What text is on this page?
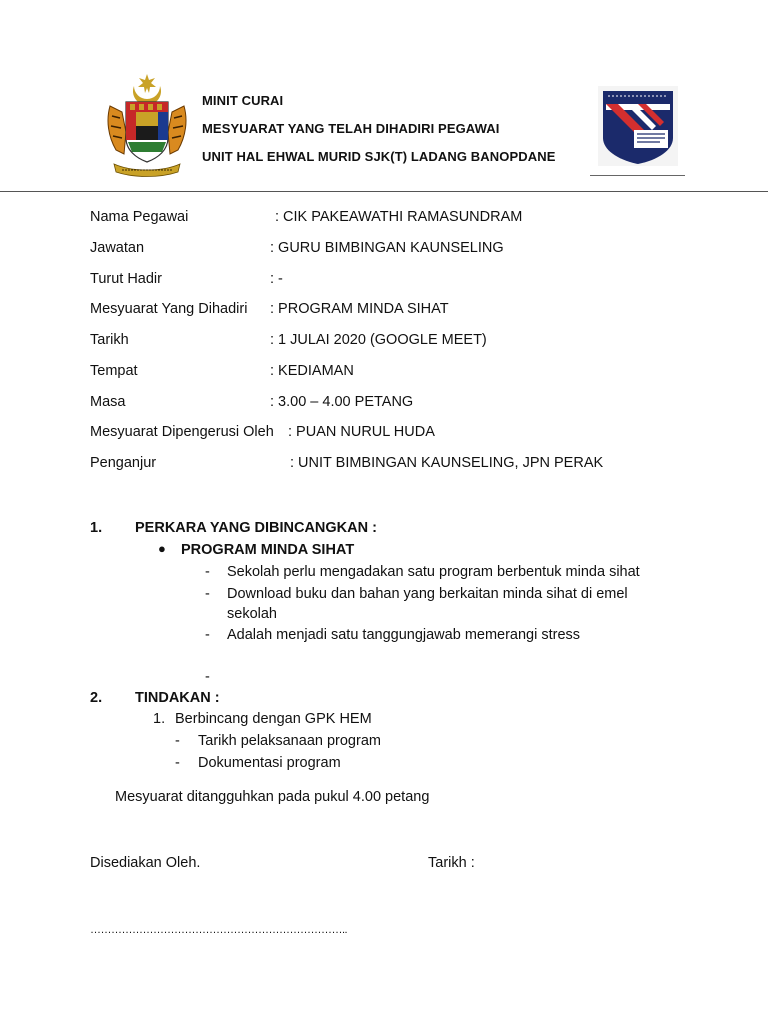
MINIT CURAI
MESYUARAT YANG TELAH DIHADIRI PEGAWAI
UNIT HAL EHWAL MURID SJK(T) LADANG BANOPDANE
Nama Pegawai	: CIK PAKEAWATHI RAMASUNDRAM
Jawatan	: GURU BIMBINGAN KAUNSELING
Turut Hadir	: -
Mesyuarat Yang Dihadiri : PROGRAM MINDA SIHAT
Tarikh	: 1 JULAI 2020 (GOOGLE MEET)
Tempat	: KEDIAMAN
Masa	: 3.00 – 4.00 PETANG
Mesyuarat Dipengerusi Oleh : PUAN NURUL HUDA
Penganjur	: UNIT BIMBINGAN KAUNSELING, JPN PERAK
1. PERKARA YANG DIBINCANGKAN :
● PROGRAM MINDA SIHAT
- Sekolah perlu mengadakan satu program berbentuk minda sihat
- Download buku dan bahan yang berkaitan minda sihat di emel
sekolah
- Adalah menjadi satu tanggungjawab memerangi stress
-
2. TINDAKAN :
1. Berbincang dengan GPK HEM
- Tarikh pelaksanaan program
- Dokumentasi program
Mesyuarat ditangguhkan pada pukul 4.00 petang
Disediakan Oleh.	Tarikh :
………………………………………………………………..
